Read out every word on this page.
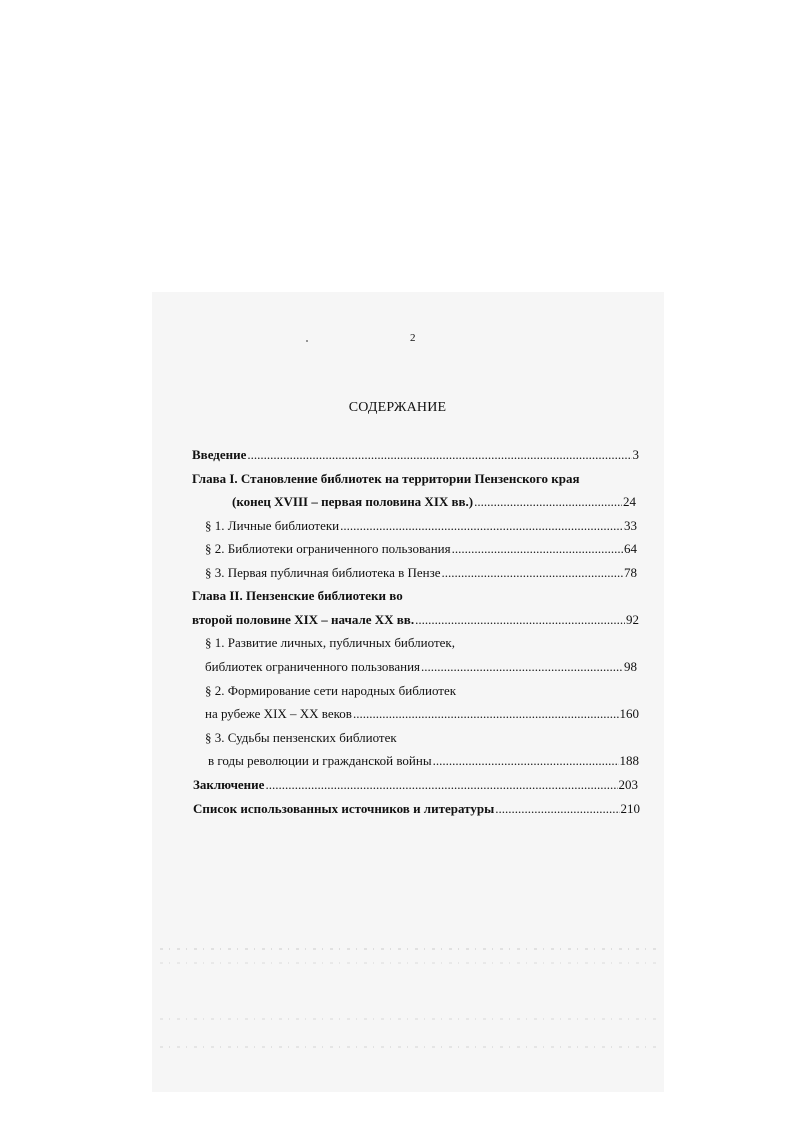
2
СОДЕРЖАНИЕ
Введение .....	3
Глава I. Становление библиотек на территории Пензенского края
(конец XVIII – первая половина XIX вв.) .....	24
§ 1. Личные библиотеки .....	33
§ 2. Библиотеки ограниченного пользования .....	64
§ 3. Первая публичная библиотека в Пензе .....	78
Глава II. Пензенские библиотеки во
второй половине XIX – начале XX вв. .....	92
§ 1. Развитие личных, публичных библиотек,
библиотек ограниченного пользования .....	98
§ 2. Формирование сети народных библиотек
на рубеже XIX – XX веков .....	160
§ 3. Судьбы пензенских библиотек
в годы революции и гражданской войны .....	188
Заключение .....	203
Список использованных источников и литературы .....	210
